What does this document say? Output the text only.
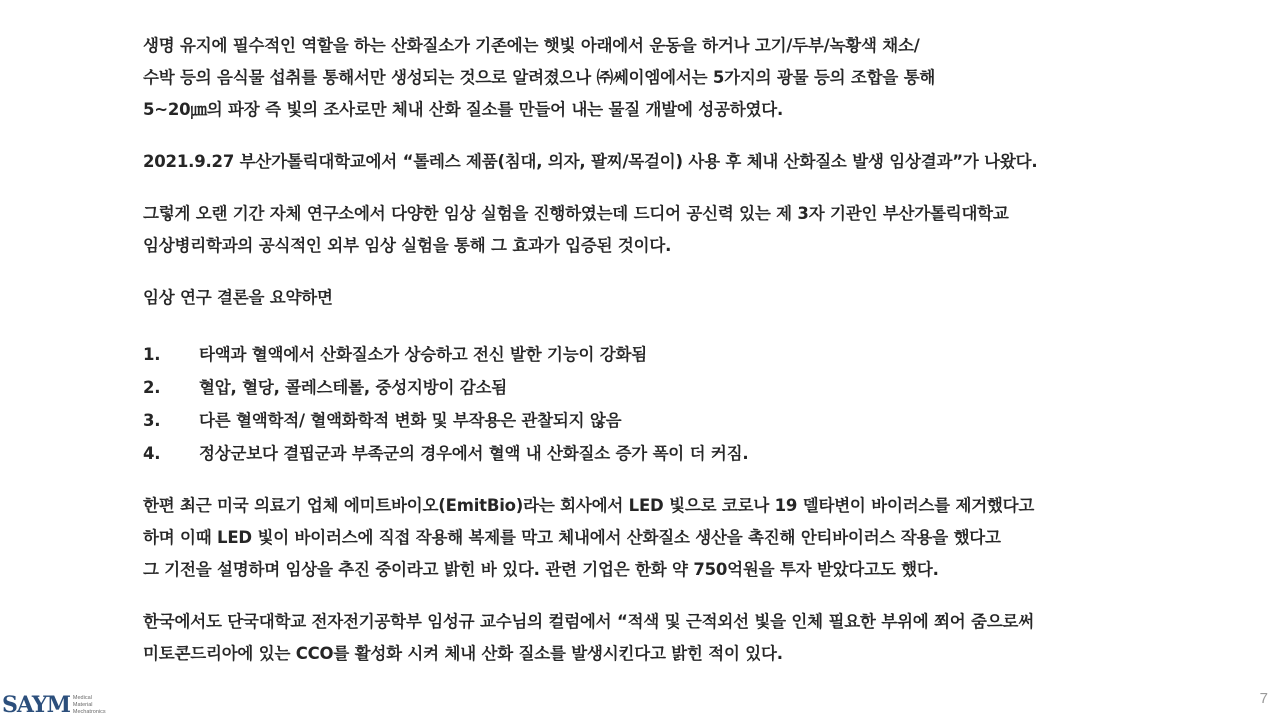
생명 유지에 필수적인 역할을 하는 산화질소가 기존에는 햇빛 아래에서 운동을 하거나 고기/두부/녹황색 채소/
수박 등의 음식물 섭취를 통해서만 생성되는 것으로 알려졌으나 ㈜쎄이엠에서는 5가지의 광물 등의 조합을 통해
5~20㎛의 파장 즉 빛의 조사로만 체내 산화 질소를 만들어 내는 물질 개발에 성공하였다.
2021.9.27 부산가톨릭대학교에서 “톨레스 제품(침대, 의자, 팔찌/목걸이) 사용 후 체내 산화질소 발생 임상결과”가 나왔다.
그렇게 오랜 기간 자체 연구소에서 다양한 임상 실험을 진행하였는데 드디어 공신력 있는 제 3자 기관인 부산가톨릭대학교
임상병리학과의 공식적인 외부 임상 실험을 통해 그 효과가 입증된 것이다.
임상 연구 결론을 요약하면
1.	타액과 혈액에서 산화질소가 상승하고 전신 발한 기능이 강화됨
2.	혈압, 혈당, 콜레스테롤, 중성지방이 감소됨
3.	다른 혈액학적/ 혈액화학적 변화 및 부작용은 관찰되지 않음
4.	정상군보다 결핍군과 부족군의 경우에서 혈액 내 산화질소 증가 폭이 더 커짐.
한편 최근 미국 의료기 업체 에미트바이오(EmitBio)라는 회사에서 LED 빛으로 코로나 19 델타변이 바이러스를 제거했다고
하며 이때 LED 빛이 바이러스에 직접 작용해 복제를 막고 체내에서 산화질소 생산을 촉진해 안티바이러스 작용을 했다고
그 기전을 설명하며 임상을 추진 중이라고 밝힌 바 있다. 관련 기업은 한화 약 750억원을 투자 받았다고도 했다.
한국에서도 단국대학교 전자전기공학부 임성규 교수님의 컬럼에서 “적색 및 근적외선 빛을 인체 필요한 부위에 쬐어 줌으로써
미토콘드리아에 있는 CCO를 활성화 시켜 체내 산화 질소를 발생시킨다고 밝힌 적이 있다.
SAYM Medical
Material
Mechatronics
7
